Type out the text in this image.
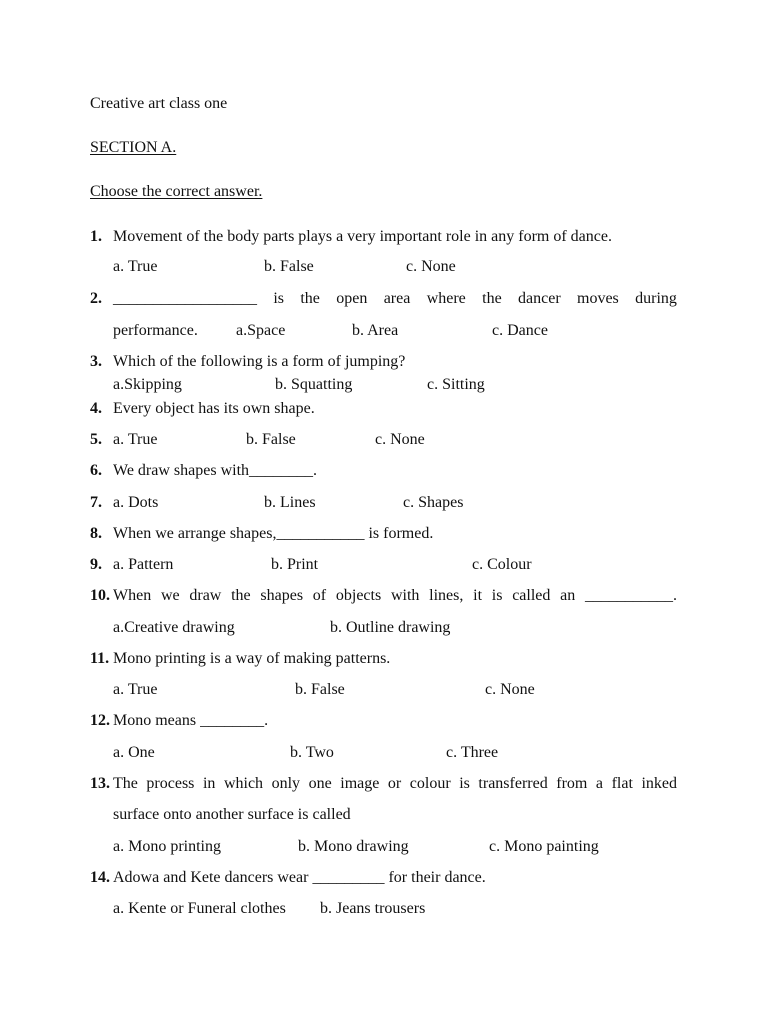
Creative art class one
SECTION A.
Choose the correct answer.
1. Movement of the body parts plays a very important role in any form of dance.
a. True	b. False	c. None
2. __________________ is the open area where the dancer moves during
performance. a.Space	b. Area	c. Dance
3. Which of the following is a form of jumping?
a.Skipping	b. Squatting	c. Sitting
4. Every object has its own shape.
5. a. True	b. False	c. None
6. We draw shapes with________.
7. a. Dots	b. Lines	c. Shapes
8. When we arrange shapes,___________ is formed.
9. a. Pattern	b. Print	c. Colour
10. When we draw the shapes of objects with lines, it is called an ___________.
a.Creative drawing	b. Outline drawing
11. Mono printing is a way of making patterns.
a. True	b. False	c. None
12. Mono means ________.
a. One	b. Two	c. Three
13. The process in which only one image or colour is transferred from a flat inked
surface onto another surface is called
a. Mono printing	b. Mono drawing	c. Mono painting
14. Adowa and Kete dancers wear _________ for their dance.
a. Kente or Funeral clothes b. Jeans trousers
